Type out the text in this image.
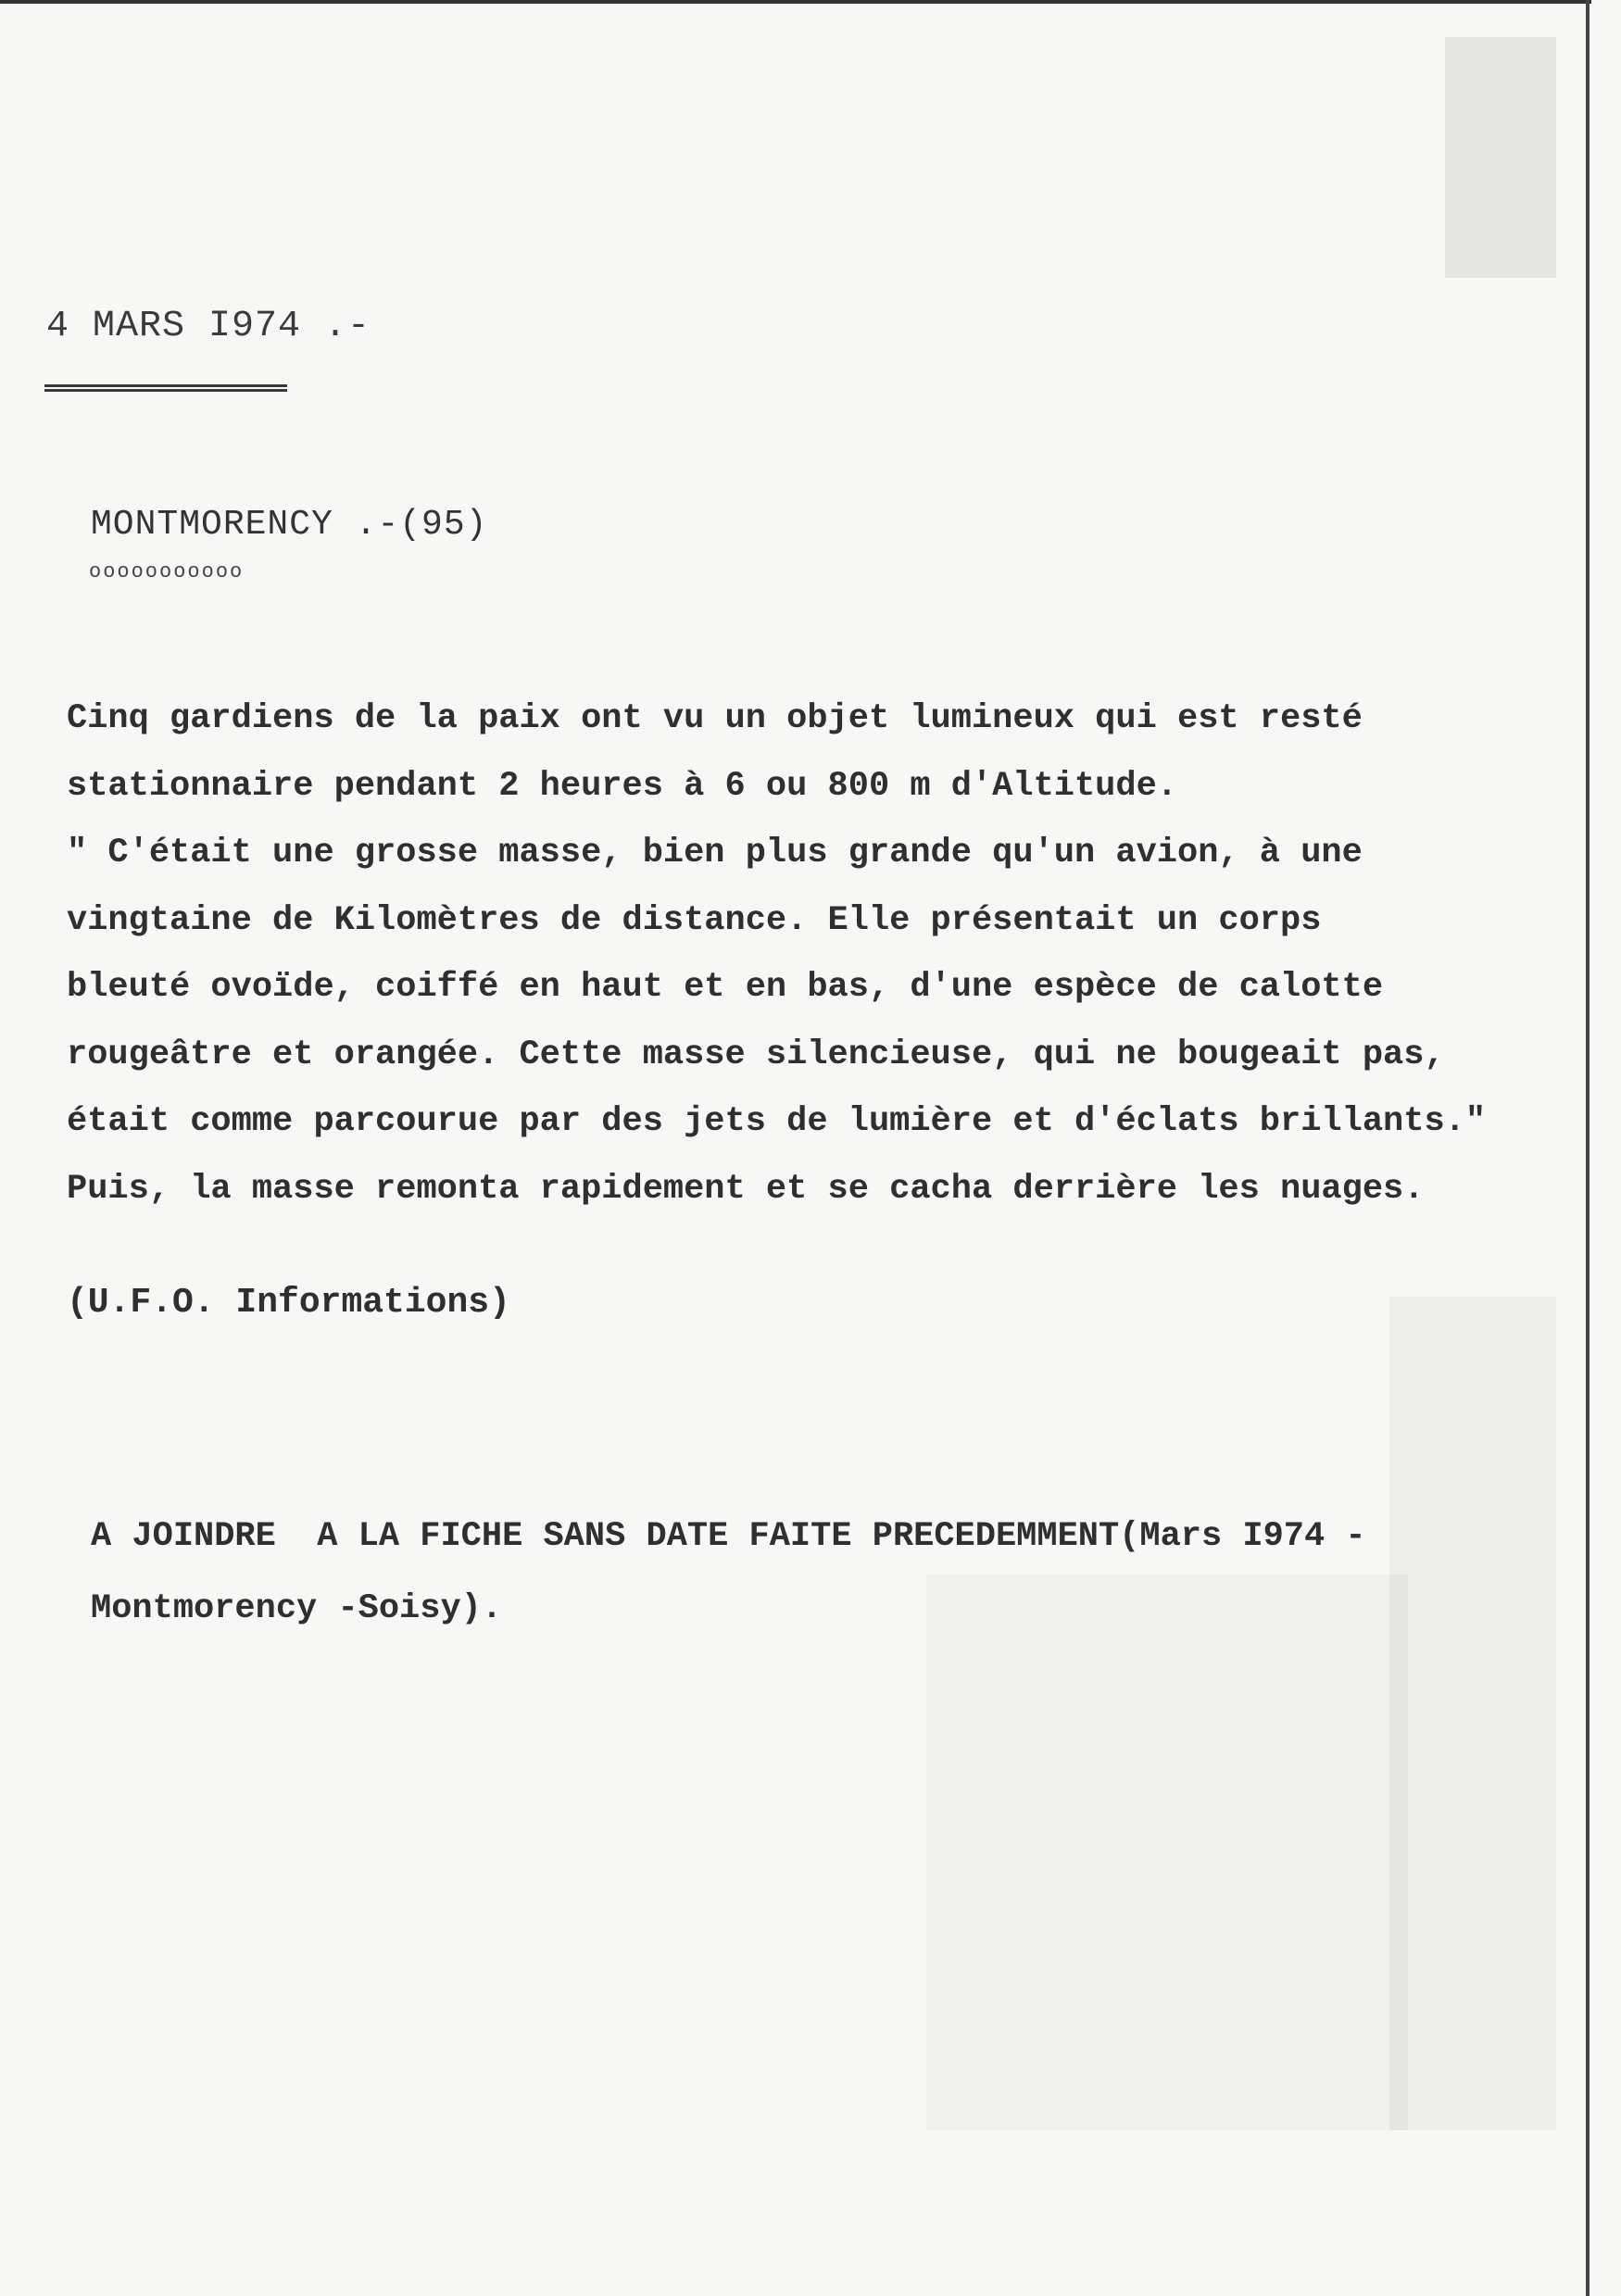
4 MARS I974 .-
MONTMORENCY .-(95)
ooooooooooo
Cinq gardiens de la paix ont vu un objet lumineux qui est resté
stationnaire pendant 2 heures à 6 ou 800 m d'Altitude.
" C'était une grosse masse, bien plus grande qu'un avion, à une
vingtaine de Kilomètres de distance. Elle présentait un corps
bleuté ovoïde, coiffé en haut et en bas, d'une espèce de calotte
rougeâtre et orangée. Cette masse silencieuse, qui ne bougeait pas,
était comme parcourue par des jets de lumière et d'éclats brillants."
Puis, la masse remonta rapidement et se cacha derrière les nuages.
(U.F.O. Informations)
A JOINDRE  A LA FICHE SANS DATE FAITE PRECEDEMMENT(Mars I974 -
Montmorency -Soisy).
